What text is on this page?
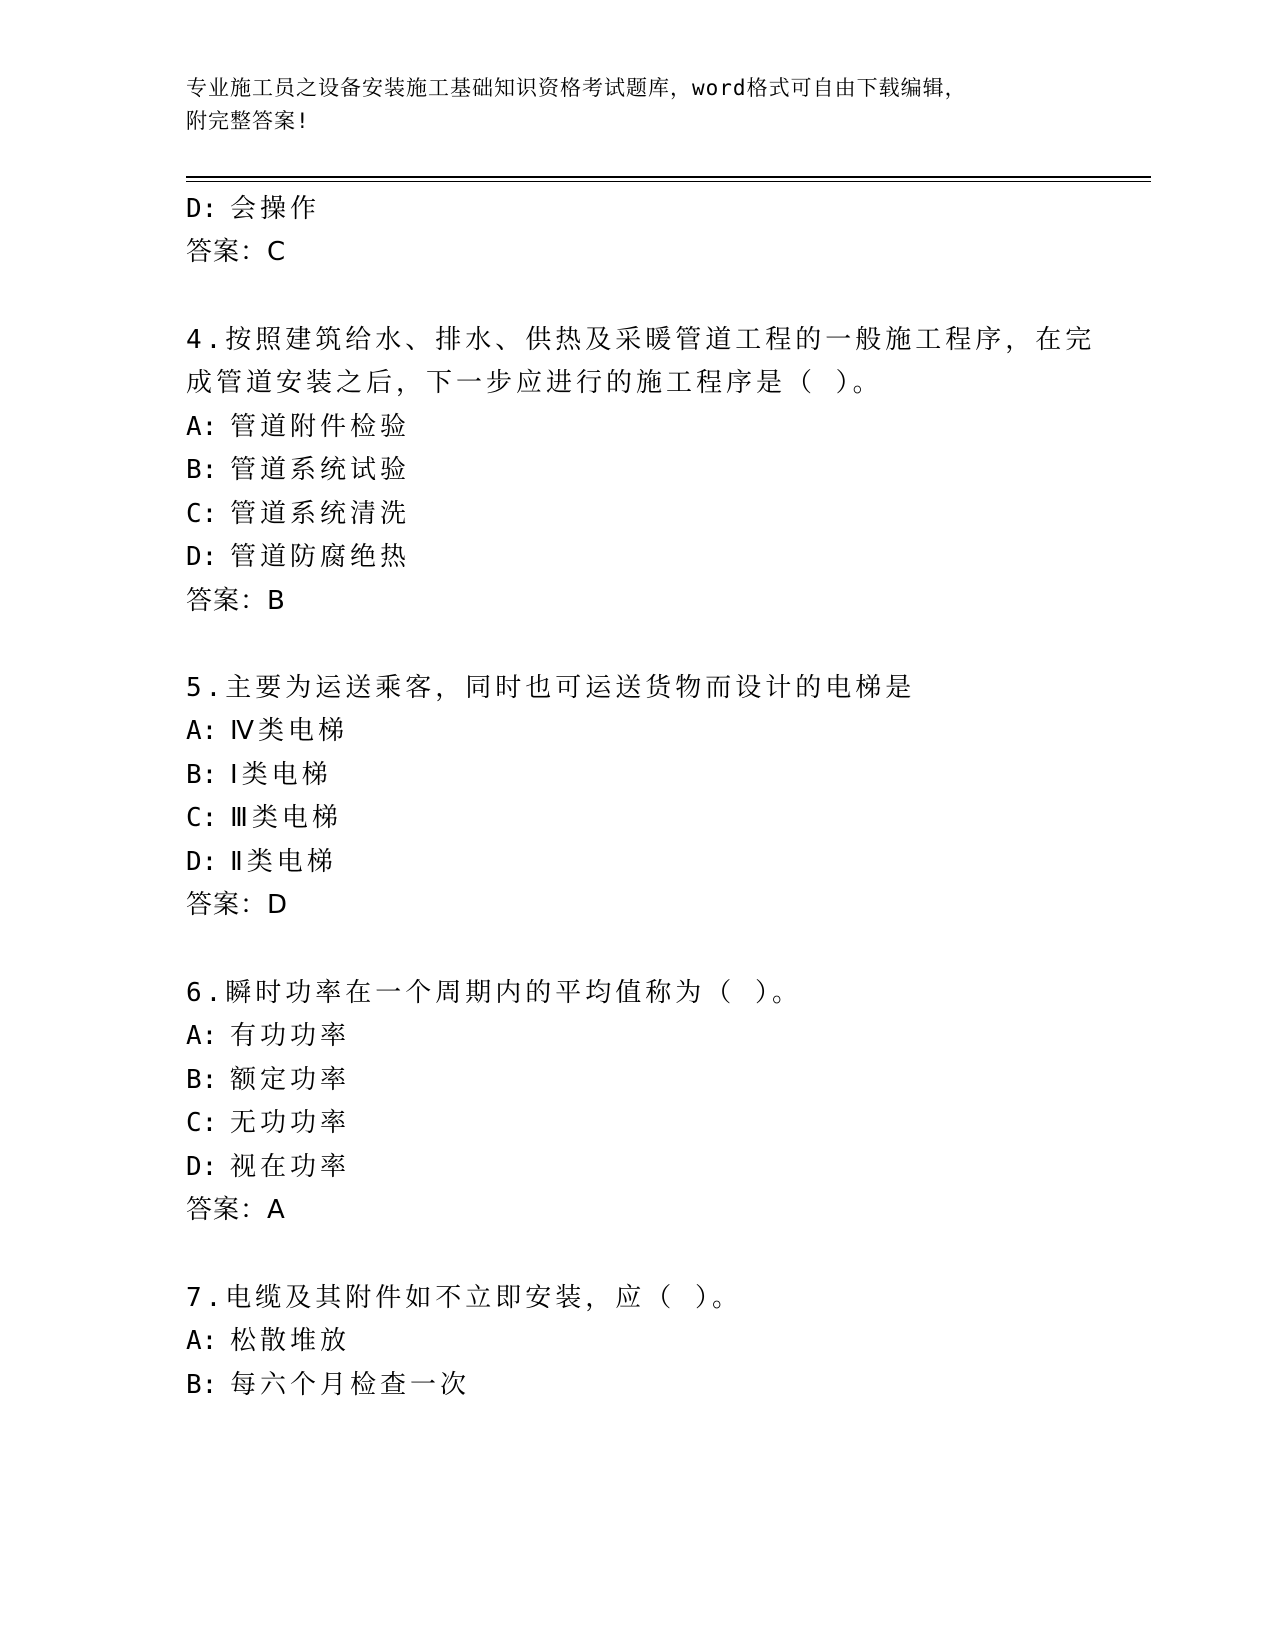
专业施工员之设备安装施工基础知识资格考试题库，word格式可自由下载编辑，
附完整答案!
D: 会操作
答案：C
4.按照建筑给水、排水、供热及采暖管道工程的一般施工程序，在完
成管道安装之后，下一步应进行的施工程序是（ ）。
A: 管道附件检验
B: 管道系统试验
C: 管道系统清洗
D: 管道防腐绝热
答案：B
5.主要为运送乘客，同时也可运送货物而设计的电梯是
A: Ⅳ类电梯
B: Ⅰ类电梯
C: Ⅲ类电梯
D: Ⅱ类电梯
答案：D
6.瞬时功率在一个周期内的平均值称为（ ）。
A: 有功功率
B: 额定功率
C: 无功功率
D: 视在功率
答案：A
7.电缆及其附件如不立即安装，应（ ）。
A: 松散堆放
B: 每六个月检查一次
